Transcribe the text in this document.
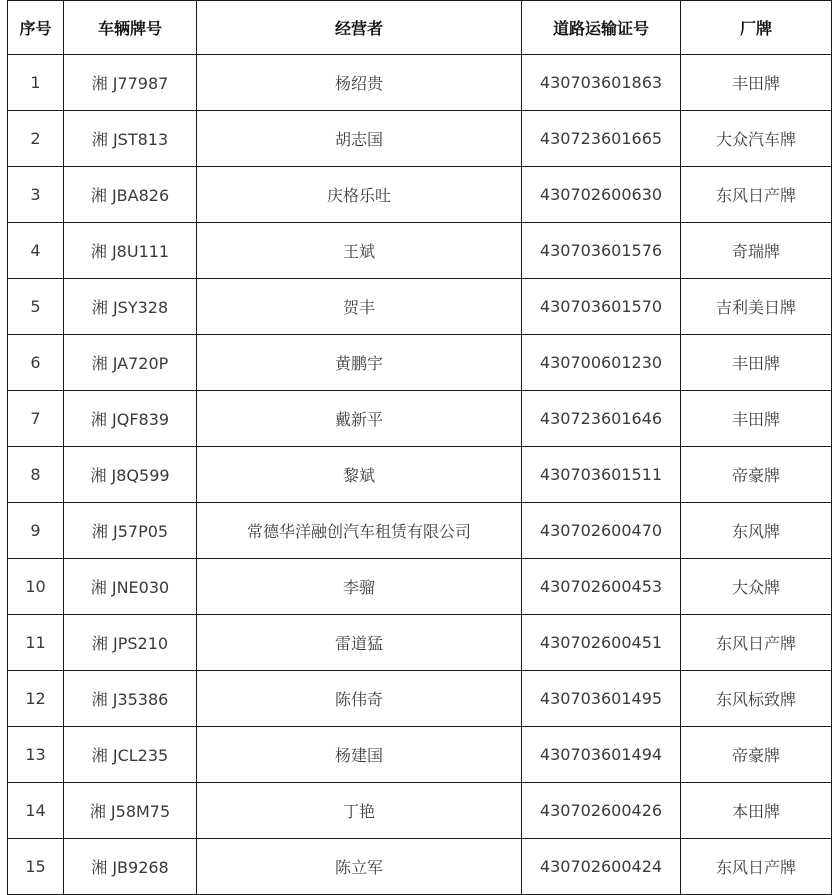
序号	车辆牌号	经营者	道路运输证号	厂牌
1	湘 J77987	杨绍贵	430703601863	丰田牌
2	湘 JST813	胡志国	430723601665	大众汽车牌
3	湘 JBA826	庆格乐吐	430702600630	东风日产牌
4	湘 J8U111	王斌	430703601576	奇瑞牌
5	湘 JSY328	贺丰	430703601570	吉利美日牌
6	湘 JA720P	黄鹏宇	430700601230	丰田牌
7	湘 JQF839	戴新平	430723601646	丰田牌
8	湘 J8Q599	黎斌	430703601511	帝豪牌
9	湘 J57P05	常德华洋融创汽车租赁有限公司	430702600470	东风牌
10	湘 JNE030	李骝	430702600453	大众牌
11	湘 JPS210	雷道猛	430702600451	东风日产牌
12	湘 J35386	陈伟奇	430703601495	东风标致牌
13	湘 JCL235	杨建国	430703601494	帝豪牌
14	湘 J58M75	丁艳	430702600426	本田牌
15	湘 JB9268	陈立军	430702600424	东风日产牌
